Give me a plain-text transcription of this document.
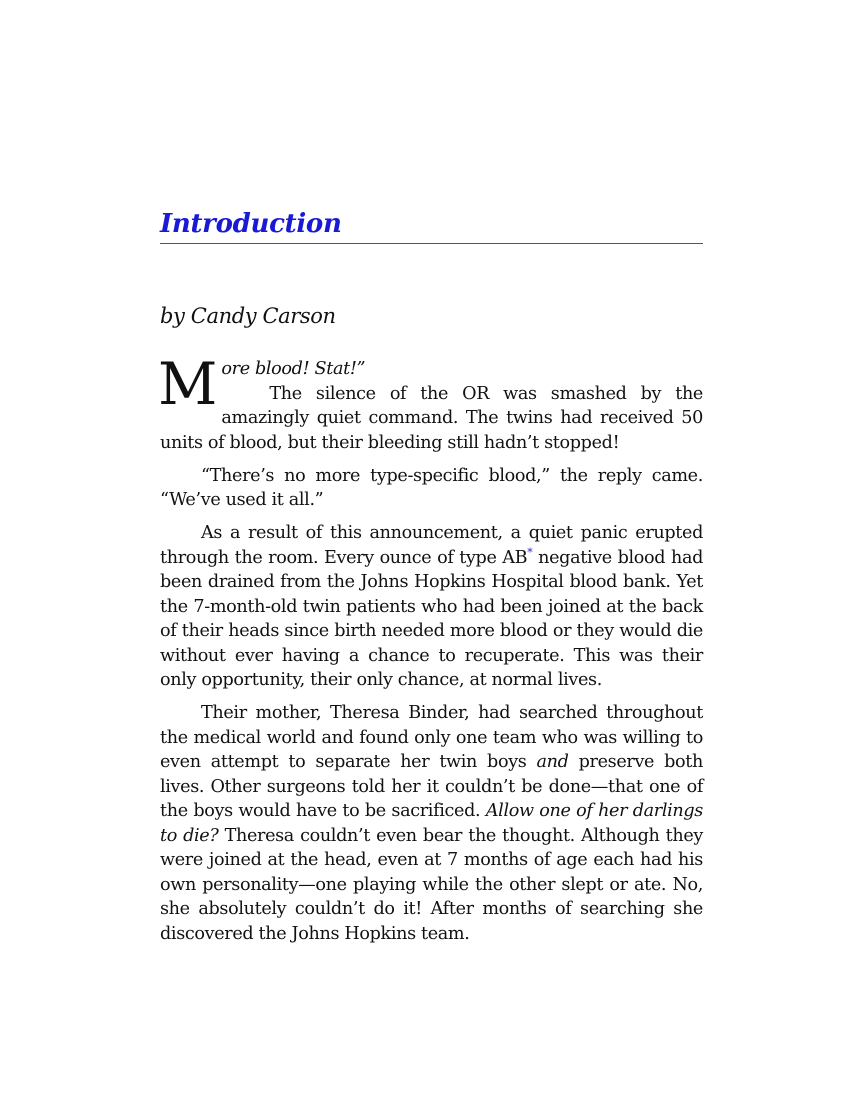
Introduction

by Candy Carson

M ore blood! Stat!”
The silence of the OR was smashed by the amazingly quiet command. The twins had received 50 units of blood, but their bleeding still hadn’t stopped!

“There’s no more type-specific blood,” the reply came. “We’ve used it all.”

As a result of this announcement, a quiet panic erupted through the room. Every ounce of type AB* negative blood had been drained from the Johns Hopkins Hospital blood bank. Yet the 7-month-old twin patients who had been joined at the back of their heads since birth needed more blood or they would die without ever having a chance to recuperate. This was their only opportunity, their only chance, at normal lives.

Their mother, Theresa Binder, had searched throughout the medical world and found only one team who was willing to even attempt to separate her twin boys and preserve both lives. Other surgeons told her it couldn’t be done—that one of the boys would have to be sacrificed. Allow one of her darlings to die? Theresa couldn’t even bear the thought. Although they were joined at the head, even at 7 months of age each had his own personality—one playing while the other slept or ate. No, she absolutely couldn’t do it! After months of searching she discovered the Johns Hopkins team.
